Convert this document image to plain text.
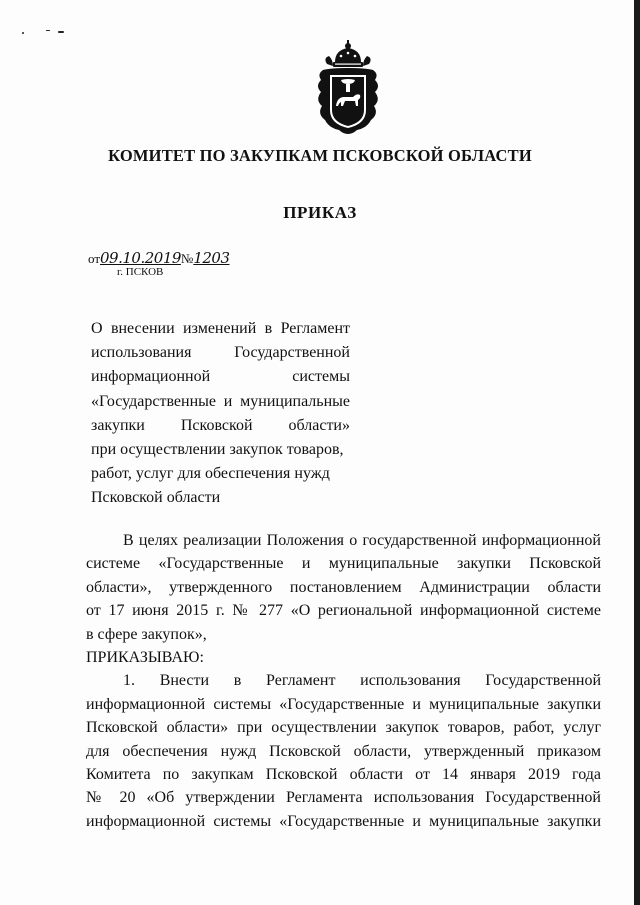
КОМИТЕТ ПО ЗАКУПКАМ ПСКОВСКОЙ ОБЛАСТИ
ПРИКАЗ
от09.10.2019№1203
г. ПСКОВ
О внесении изменений в Регламент
использования Государственной
информационной системы
«Государственные и муниципальные
закупки Псковской области»
при осуществлении закупок товаров,
работ, услуг для обеспечения нужд
Псковской области
В целях реализации Положения о государственной информационной
системе «Государственные и муниципальные закупки Псковской
области», утвержденного постановлением Администрации области
от 17 июня 2015 г. № 277 «О региональной информационной системе
в сфере закупок»,
ПРИКАЗЫВАЮ:
1. Внести в Регламент использования Государственной
информационной системы «Государственные и муниципальные закупки
Псковской области» при осуществлении закупок товаров, работ, услуг
для обеспечения нужд Псковской области, утвержденный приказом
Комитета по закупкам Псковской области от 14 января 2019 года
№ 20 «Об утверждении Регламента использования Государственной
информационной системы «Государственные и муниципальные закупки
